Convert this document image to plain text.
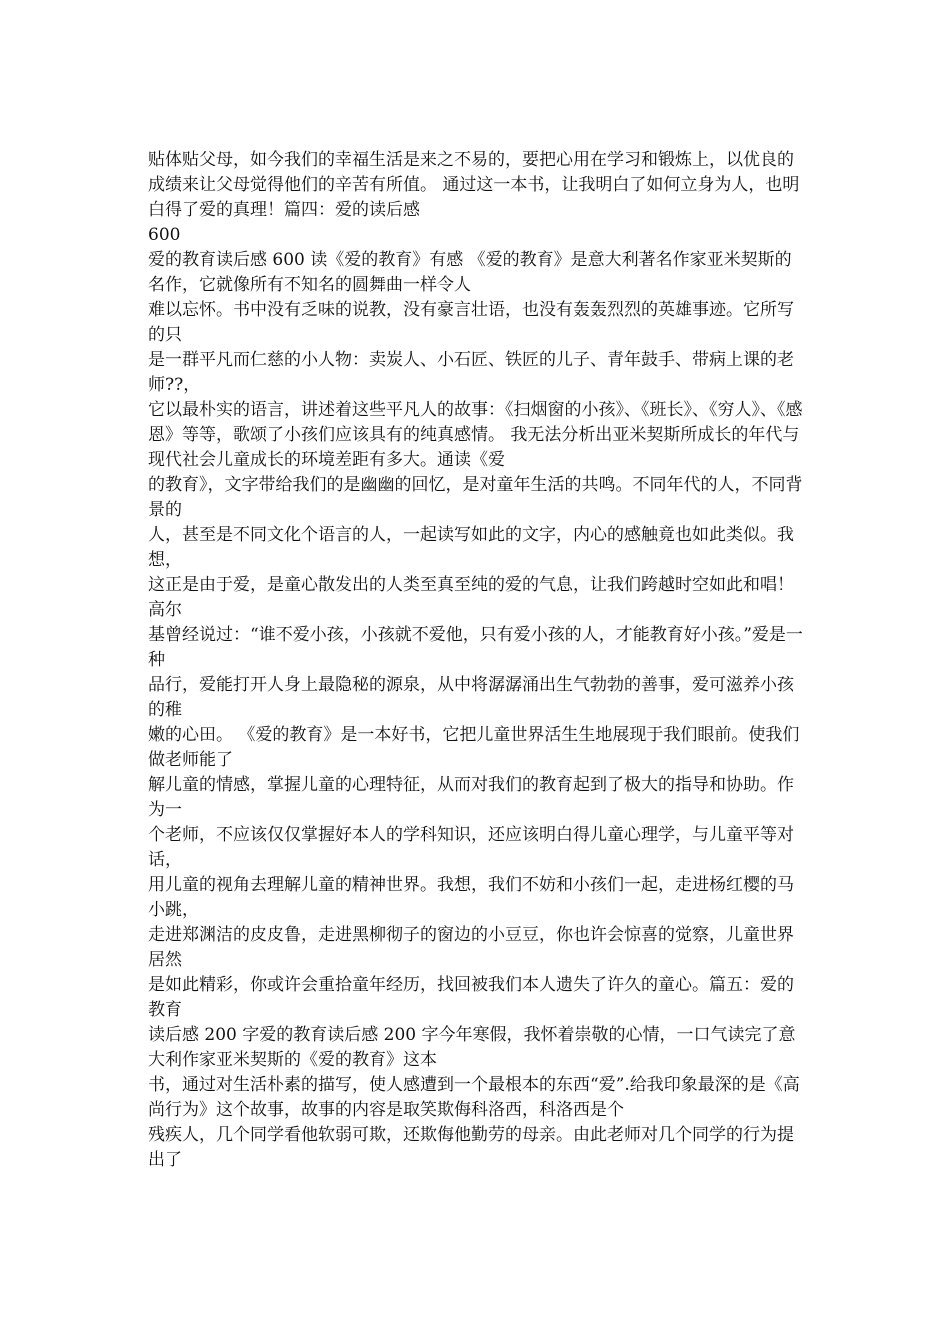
贴体贴父母，如今我们的幸福生活是来之不易的，要把心用在学习和锻炼上，以优良的
成绩来让父母觉得他们的辛苦有所值。 通过这一本书，让我明白了如何立身为人，也明白得了爱的真理！篇四：爱的读后感
600
爱的教育读后感 600 读《爱的教育》有感 《爱的教育》是意大利著名作家亚米契斯的名作，它就像所有不知名的圆舞曲一样令人
难以忘怀。书中没有乏味的说教，没有豪言壮语，也没有轰轰烈烈的英雄事迹。它所写的只
是一群平凡而仁慈的小人物：卖炭人、小石匠、铁匠的儿子、青年鼓手、带病上课的老师??，
它以最朴实的语言，讲述着这些平凡人的故事：《扫烟窗的小孩》、《班长》、《穷人》、《感
恩》等等，歌颂了小孩们应该具有的纯真感情。 我无法分析出亚米契斯所成长的年代与现代社会儿童成长的环境差距有多大。通读《爱
的教育》，文字带给我们的是幽幽的回忆，是对童年生活的共鸣。不同年代的人，不同背景的
人，甚至是不同文化个语言的人，一起读写如此的文字，内心的感触竟也如此类似。我想，
这正是由于爱，是童心散发出的人类至真至纯的爱的气息，让我们跨越时空如此和唱！高尔
基曾经说过：“谁不爱小孩，小孩就不爱他，只有爱小孩的人，才能教育好小孩。”爱是一种
品行，爱能打开人身上最隐秘的源泉，从中将潺潺涌出生气勃勃的善事，爱可滋养小孩的稚
嫩的心田。 《爱的教育》是一本好书，它把儿童世界活生生地展现于我们眼前。使我们做老师能了
解儿童的情感，掌握儿童的心理特征，从而对我们的教育起到了极大的指导和协助。作为一
个老师，不应该仅仅掌握好本人的学科知识，还应该明白得儿童心理学，与儿童平等对话，
用儿童的视角去理解儿童的精神世界。我想，我们不妨和小孩们一起，走进杨红樱的马小跳，
走进郑渊洁的皮皮鲁，走进黑柳彻子的窗边的小豆豆，你也许会惊喜的觉察，儿童世界居然
是如此精彩，你或许会重拾童年经历，找回被我们本人遗失了许久的童心。篇五：爱的教育
读后感 200 字爱的教育读后感 200 字今年寒假，我怀着崇敬的心情，一口气读完了意大利作家亚米契斯的《爱的教育》这本
书，通过对生活朴素的描写，使人感遭到一个最根本的东西“爱”.给我印象最深的是《高尚行为》这个故事，故事的内容是取笑欺侮科洛西，科洛西是个
残疾人，几个同学看他软弱可欺，还欺侮他勤劳的母亲。由此老师对几个同学的行为提出了
